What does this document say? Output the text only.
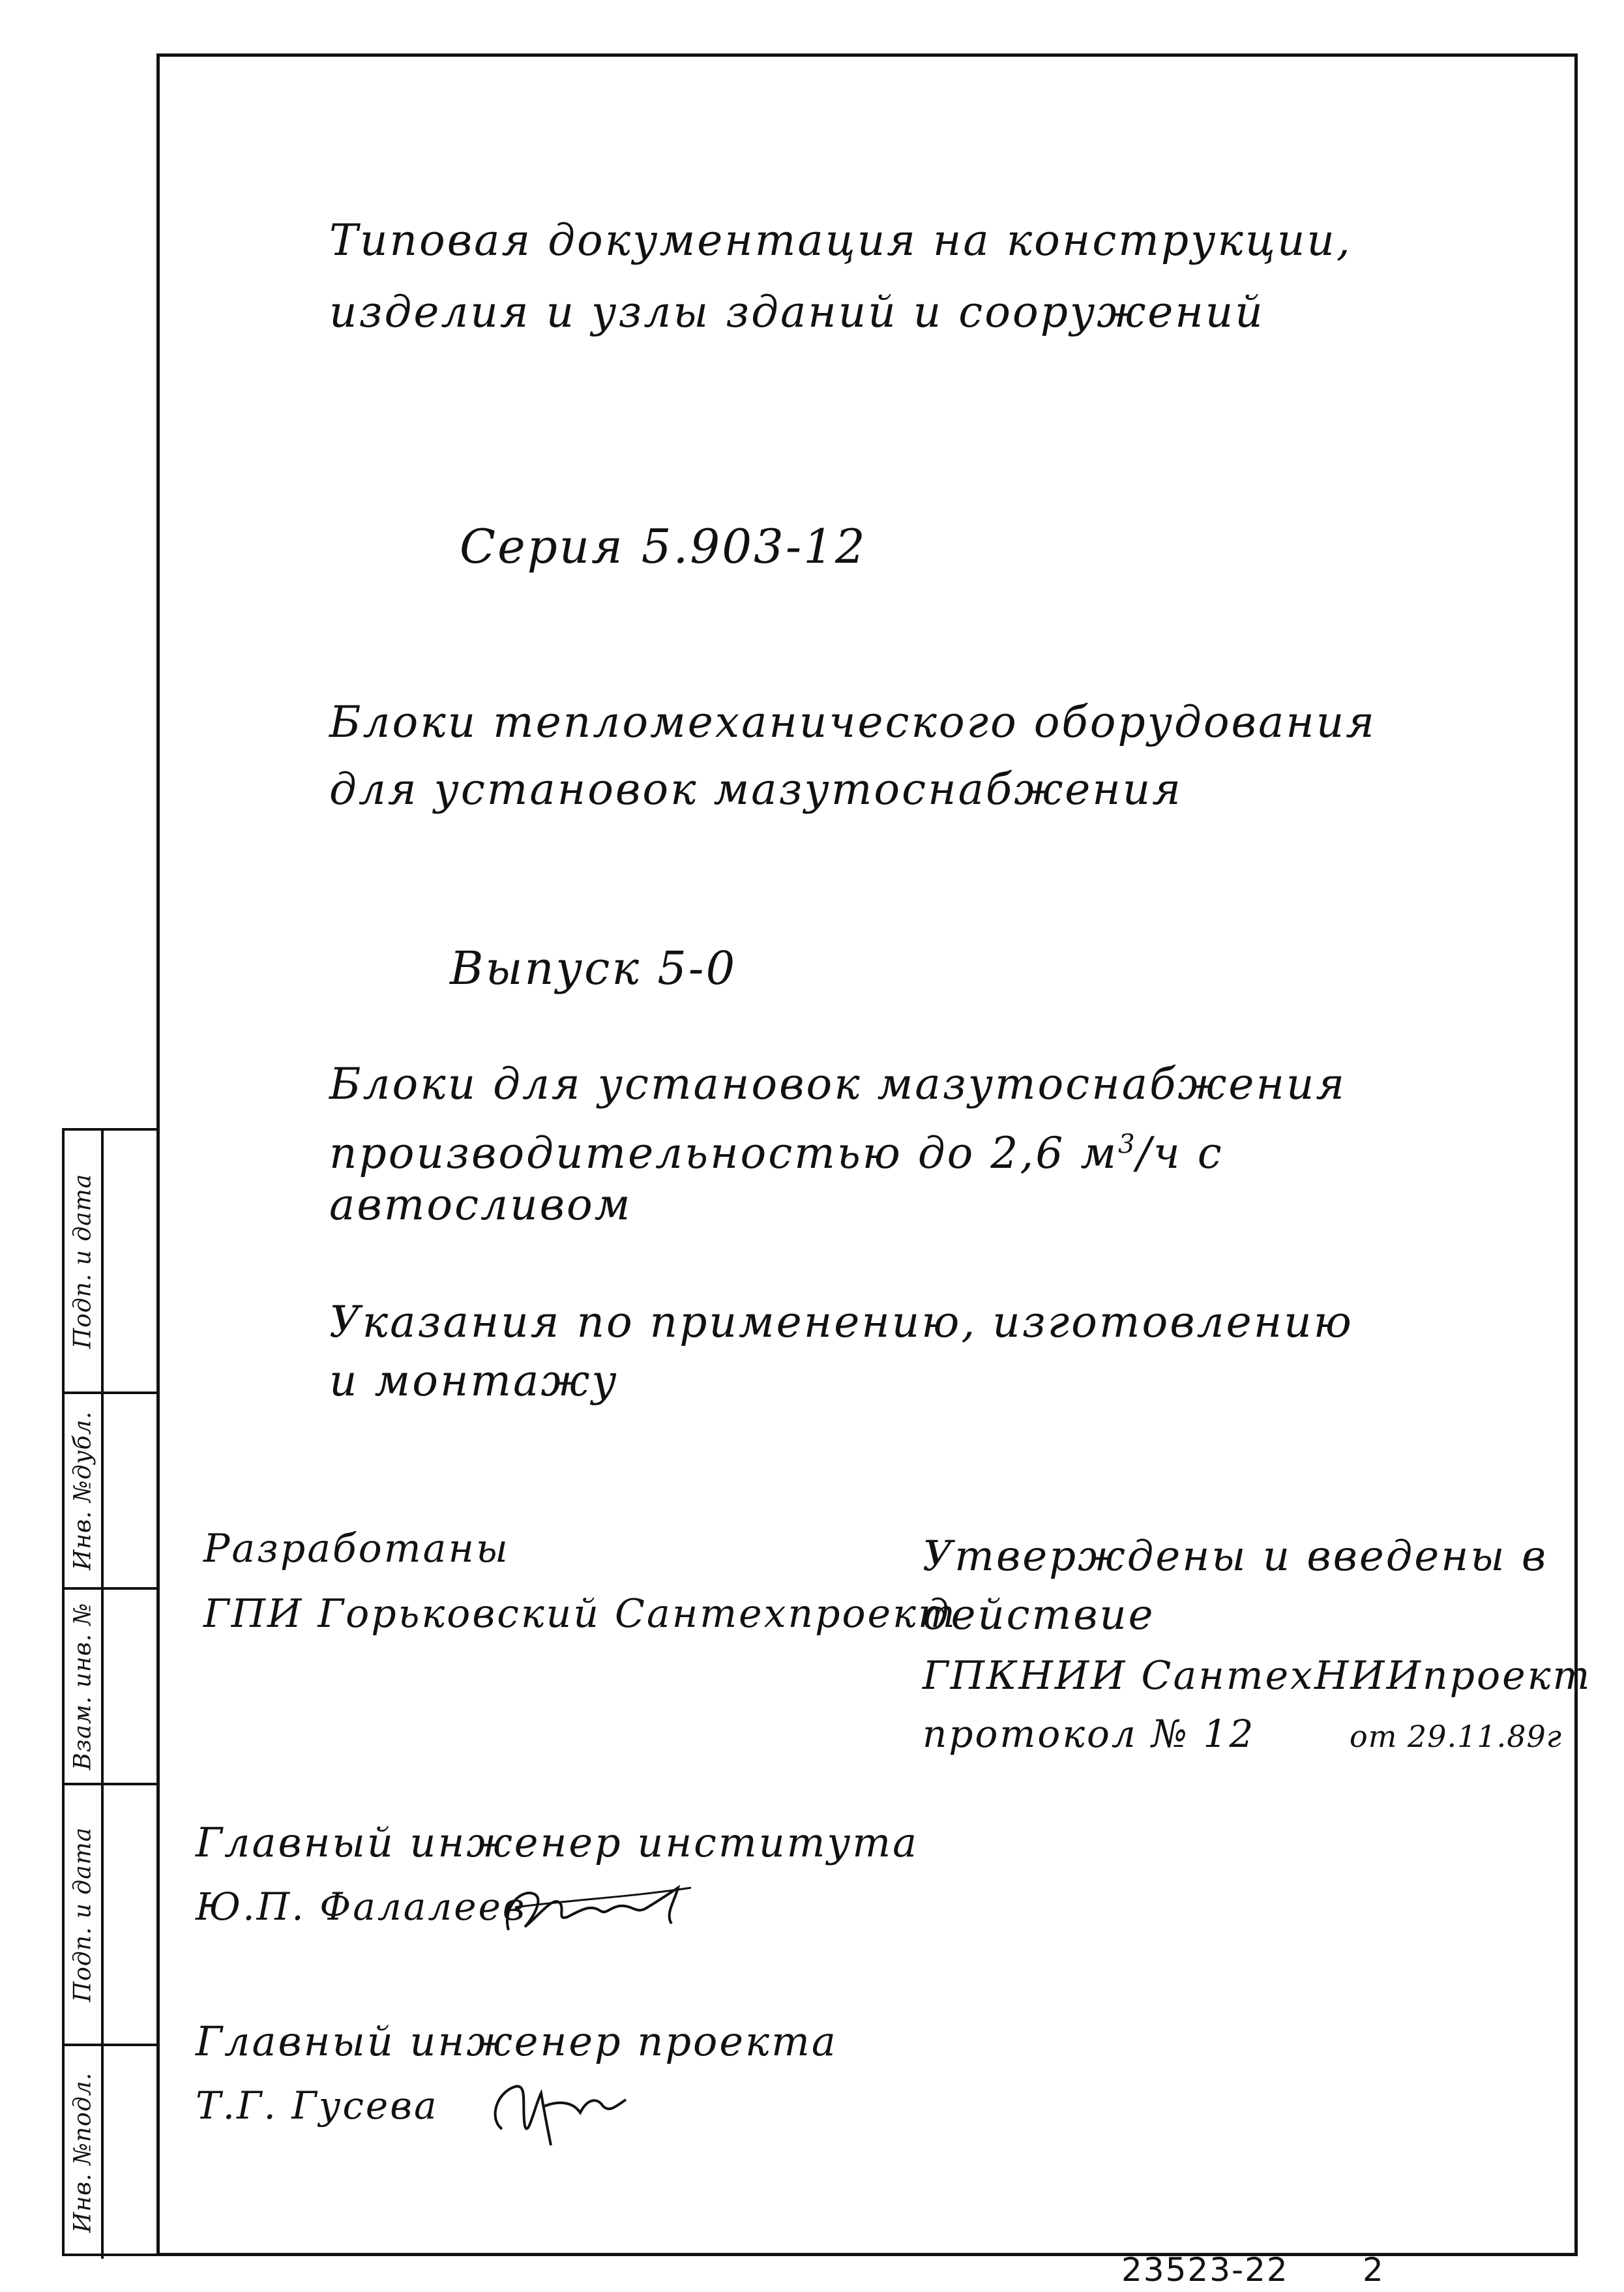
Типовая документация на конструкции,
изделия и узлы зданий и сооружений
Серия 5.903-12
Блоки тепломеханического оборудования
для установок мазутоснабжения
Выпуск 5-0
Блоки для установок мазутоснабжения
производительностью до 2,6 $м^3/ч$ с
автосливом
Указания по применению, изготовлению
и монтажу
Разработаны
ГПИ Горьковский Сантехпроект
Утверждены и введены в
действие
ГПКНИИ СантехНИИпроект
протокол № 12	от 29.11.89г
Главный инженер института
Ю.П. Фалалеев
Главный инженер проекта
Т.Г. Гусева
Подп. и дата
Инв. №дубл.
Взам. инв. №
Подп. и дата
Инв. №подл.
23523-22 2
